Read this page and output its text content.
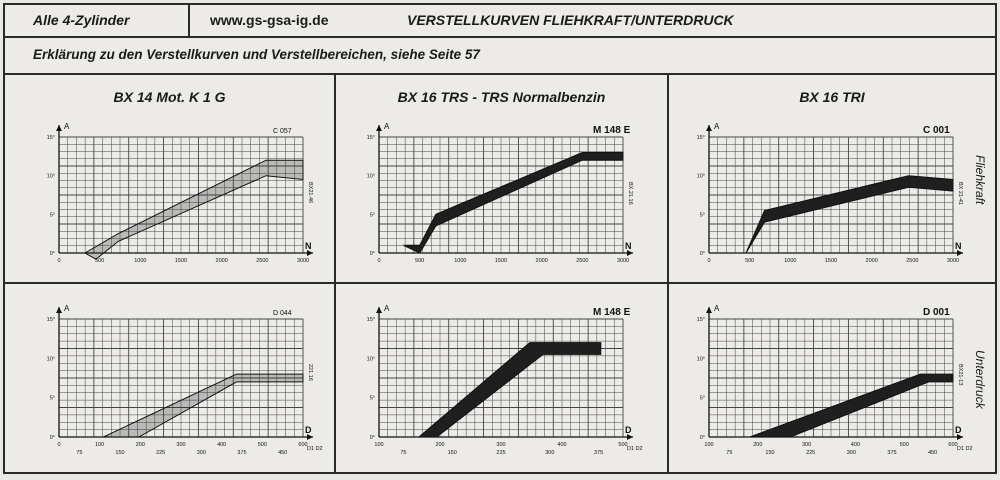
Alle 4-Zylinder	www.gs-gsa-ig.de	VERSTELLKURVEN FLIEHKRAFT/UNTERDRUCK
Erklärung zu den Verstellkurven und Verstellbereichen, siehe Seite 57
BX 14 Mot. K 1 G	BX 16 TRS - TRS Normalbenzin	BX 16 TRI
Fliehkraft
Unterdruck
A
N
0°
5°
10°
15°
0	500	1000	1500	2000	2500	3000
C 057
BX21.46
A
N
0°
5°
10°
15°
0	500	1000	1500	2000	2500	3000
M 148 E
BX.21.16
A
N
0°
5°
10°
15°
0	500	1000	1500	2000	2500	3000
C 001
BX 21-41
A
D
0°
5°
10°
15°
0	100	200	300	400	500	600
75	150	225	300	375	450
D1 D2
D 044
221.16
A
D
0°
5°
10°
15°
100	200	300	400	500
75	150	225	300	375
D1 D2
M 148 E	A
D
0°
5°
10°
15°
100	200	300	400	500	600
75	150	225	300	375	450
D1 D2
D 001
BX21-13
